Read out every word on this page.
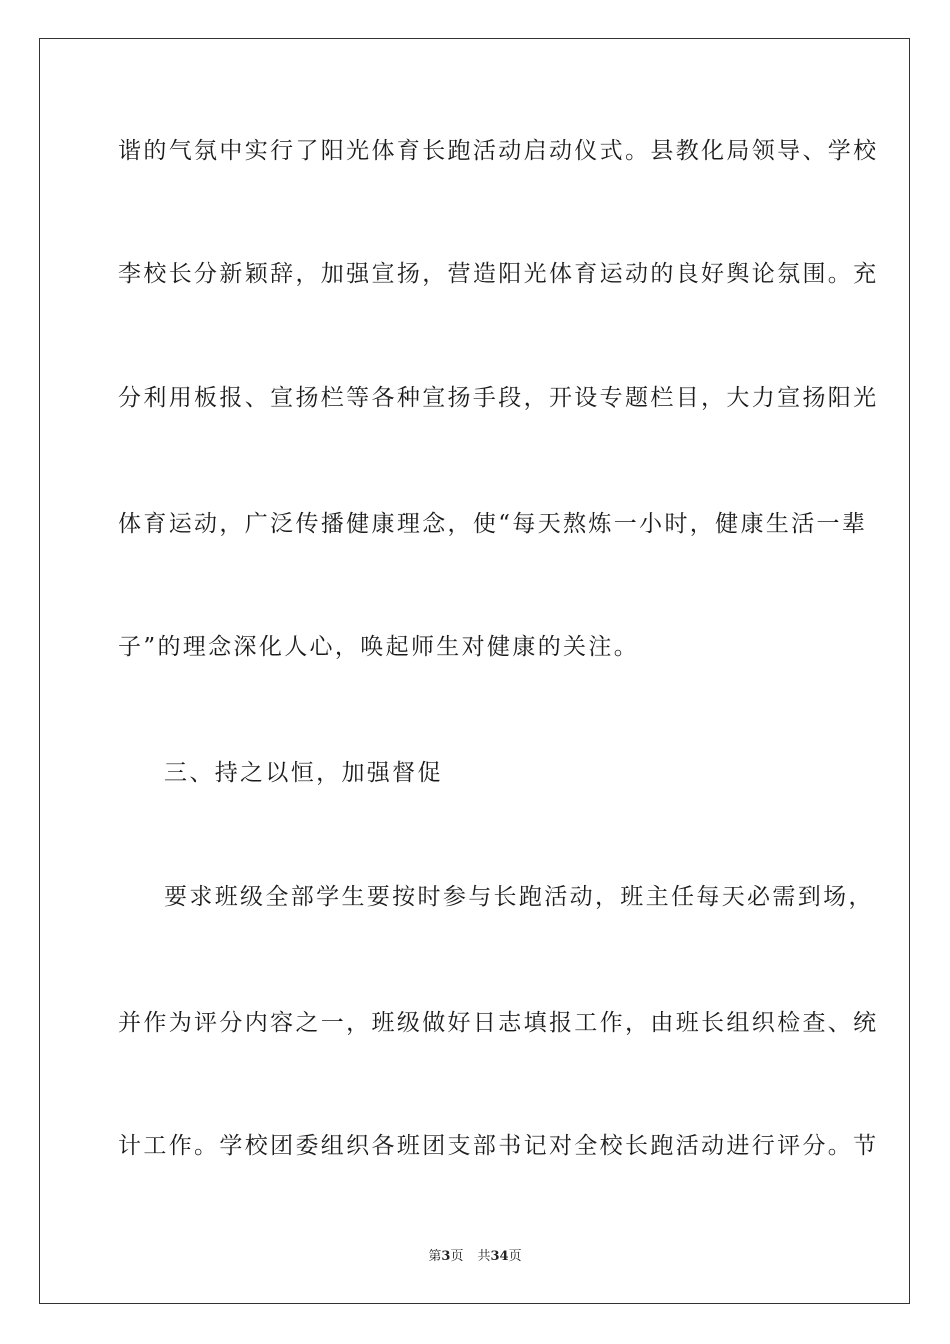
谐的气氛中实行了阳光体育长跑活动启动仪式。县教化局领导、学校
李校长分新颖辞，加强宣扬，营造阳光体育运动的良好舆论氛围。充
分利用板报、宣扬栏等各种宣扬手段，开设专题栏目，大力宣扬阳光
体育运动，广泛传播健康理念，使“每天熬炼一小时，健康生活一辈
子”的理念深化人心，唤起师生对健康的关注。
三、持之以恒，加强督促
要求班级全部学生要按时参与长跑活动，班主任每天必需到场，
并作为评分内容之一，班级做好日志填报工作，由班长组织检查、统
计工作。学校团委组织各班团支部书记对全校长跑活动进行评分。节
第3页 共34页
